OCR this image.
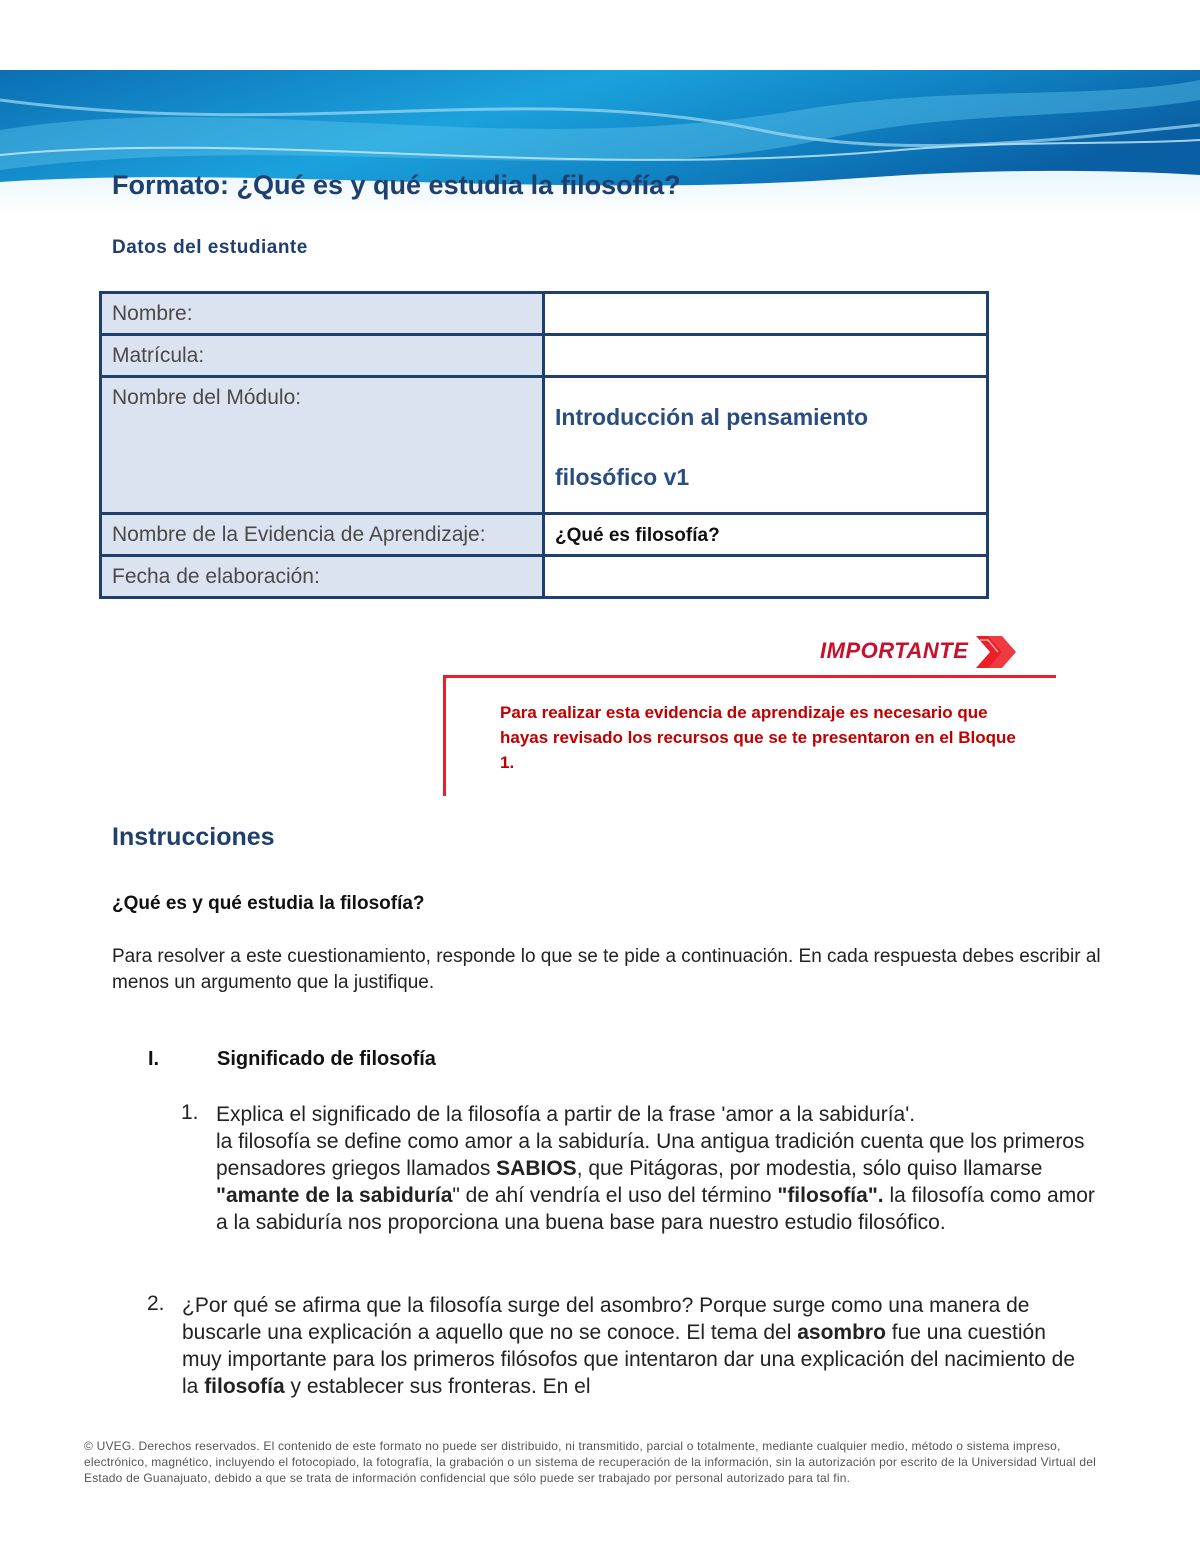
Formato: ¿Qué es y qué estudia la filosofía?
Datos del estudiante
Nombre:	
Matrícula:	
Nombre del Módulo:	Introducción al pensamiento
filosófico v1

Nombre de la Evidencia de Aprendizaje:	¿Qué es filosofía?
Fecha de elaboración:	
IMPORTANTE
Para realizar esta evidencia de aprendizaje es necesario que hayas revisado los recursos que se te presentaron en el Bloque 1.
Instrucciones
¿Qué es y qué estudia la filosofía?
Para resolver a este cuestionamiento, responde lo que se te pide a continuación. En cada respuesta debes escribir al menos un argumento que la justifique.
I.	Significado de filosofía
1. Explica el significado de la filosofía a partir de la frase 'amor a la sabiduría'.
la filosofía se define como amor a la sabiduría. Una antigua tradición cuenta que los primeros pensadores griegos llamados SABIOS, que Pitágoras, por modestia, sólo quiso llamarse "amante de la sabiduría" de ahí vendría el uso del término "filosofía". la filosofía como amor a la sabiduría nos proporciona una buena base para nuestro estudio filosófico.
2. ¿Por qué se afirma que la filosofía surge del asombro? Porque surge como una manera de buscarle una explicación a aquello que no se conoce. El tema del asombro fue una cuestión muy importante para los primeros filósofos que intentaron dar una explicación del nacimiento de la filosofía y establecer sus fronteras. En el
© UVEG. Derechos reservados. El contenido de este formato no puede ser distribuido, ni transmitido, parcial o totalmente, mediante cualquier medio, método o sistema impreso, electrónico, magnético, incluyendo el fotocopiado, la fotografía, la grabación o un sistema de recuperación de la información, sin la autorización por escrito de la Universidad Virtual del Estado de Guanajuato, debido a que se trata de información confidencial que sólo puede ser trabajado por personal autorizado para tal fin.
